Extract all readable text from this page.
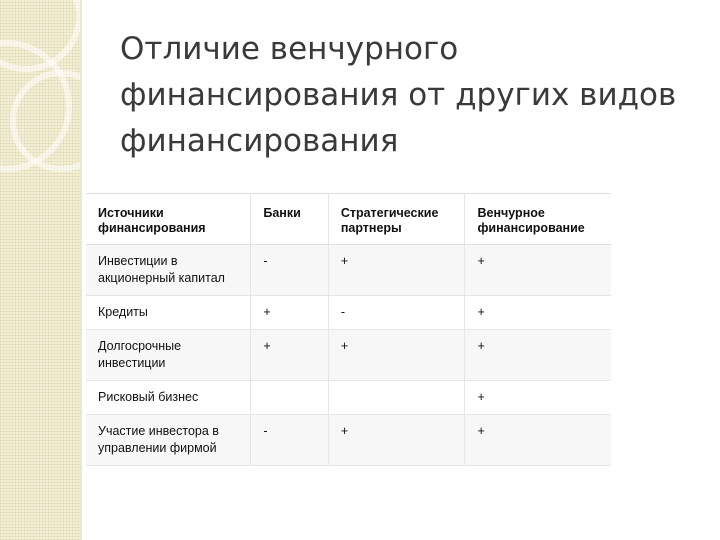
Отличие венчурного
финансирования от других видов
финансирования
Источники финансирования	Банки	Стратегические партнеры	Венчурное финансирование
Инвестиции в акционерный капитал	-	+	+
Кредиты	+	-	+
Долгосрочные инвестиции	+	+	+
Рисковый бизнес			+
Участие инвестора в управлении фирмой	-	+	+
